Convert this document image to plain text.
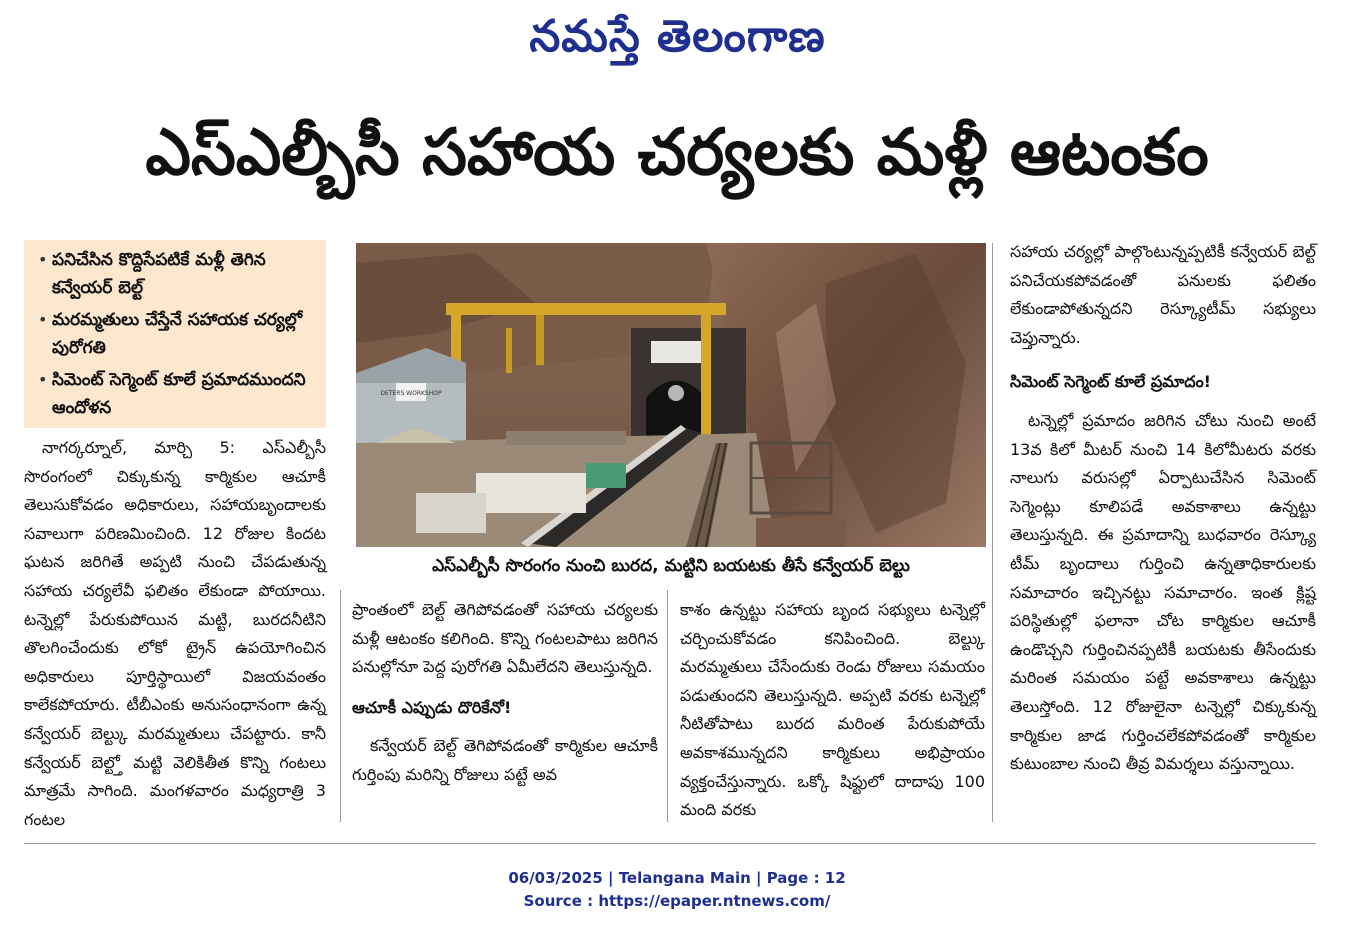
నమస్తే తెలంగాణ
ఎస్ఎల్బీసీ సహాయ చర్యలకు మళ్లీ ఆటంకం
• పనిచేసిన కొద్దిసేపటికే మళ్లీ తెగిన కన్వేయర్ బెల్ట్
• మరమ్మతులు చేస్తేనే సహాయక చర్యల్లో పురోగతి
• సిమెంట్ సెగ్మెంట్ కూలే ప్రమాదముందని ఆందోళన

నాగర్కర్నూల్, మార్చి 5: ఎస్ఎల్బీసీ సొరంగంలో చిక్కుకున్న కార్మికుల ఆచూకీ తెలుసుకోవడం అధికారులు, సహాయబృందాలకు సవాలుగా పరిణమించింది. 12 రోజుల కిందట ఘటన జరిగితే అప్పటి నుంచి చేపడుతున్న సహాయ చర్యలేవీ ఫలితం లేకుండా పోయాయి. టన్నెల్లో పేరుకుపోయిన మట్టి, బురదనీటిని తొలగించేందుకు లోకో ట్రైన్ ఉపయోగించిన అధికారులు పూర్తిస్థాయిలో విజయవంతం కాలేకపోయారు. టీబీఎంకు అనుసంధానంగా ఉన్న కన్వేయర్ బెల్ట్కు మరమ్మతులు చేపట్టారు. కానీ కన్వేయర్ బెల్ట్తో మట్టి వెలికితీత కొన్ని గంటలు మాత్రమే సాగింది. మంగళవారం మధ్యరాత్రి 3 గంటల

DETERS WORKSHOP
ఎస్ఎల్బీసీ సొరంగం నుంచి బురద, మట్టిని బయటకు తీసే కన్వేయర్ బెల్టు

ప్రాంతంలో బెల్ట్ తెగిపోవడంతో సహాయ చర్యలకు మళ్లీ ఆటంకం కలిగింది. కొన్ని గంటలపాటు జరిగిన పనుల్లోనూ పెద్ద పురోగతి ఏమీలేదని తెలుస్తున్నది.

ఆచూకీ ఎప్పుడు దొరికేనో!

కన్వేయర్ బెల్ట్ తెగిపోవడంతో కార్మికుల ఆచూకీ గుర్తింపు మరిన్ని రోజులు పట్టే అవ

కాశం ఉన్నట్టు సహాయ బృంద సభ్యులు టన్నెల్లో చర్చించుకోవడం కనిపించింది. బెల్ట్కు మరమ్మతులు చేసేందుకు రెండు రోజులు సమయం పడుతుందని తెలుస్తున్నది. అప్పటి వరకు టన్నెల్లో నీటితోపాటు బురద మరింత పేరుకుపోయే అవకాశమున్నదని కార్మికులు అభిప్రాయం వ్యక్తంచేస్తున్నారు. ఒక్కో షిఫ్టులో దాదాపు 100 మంది వరకు

సహాయ చర్యల్లో పాల్గొంటున్నప్పటికీ కన్వేయర్ బెల్ట్ పనిచేయకపోవడంతో పనులకు ఫలితం లేకుండాపోతున్నదని రెస్క్యూటీమ్ సభ్యులు చెప్తున్నారు.

సిమెంట్ సెగ్మెంట్ కూలే ప్రమాదం!

టన్నెల్లో ప్రమాదం జరిగిన చోటు నుంచి అంటే 13వ కిలో మీటర్ నుంచి 14 కిలోమీటరు వరకు నాలుగు వరుసల్లో ఏర్పాటుచేసిన సిమెంట్ సెగ్మెంట్లు కూలిపడే అవకాశాలు ఉన్నట్టు తెలుస్తున్నది. ఈ ప్రమాదాన్ని బుధవారం రెస్క్యూ టీమ్ బృందాలు గుర్తించి ఉన్నతాధికారులకు సమాచారం ఇచ్చినట్టు సమాచారం. ఇంత క్లిష్ట పరిస్థితుల్లో ఫలానా చోట కార్మికుల ఆచూకీ ఉండొచ్చని గుర్తించినప్పటికీ బయటకు తీసేందుకు మరింత సమయం పట్టే అవకాశాలు ఉన్నట్టు తెలుస్తోంది. 12 రోజులైనా టన్నెల్లో చిక్కుకున్న కార్మికుల జాడ గుర్తించలేకపోవడంతో కార్మికుల కుటుంబాల నుంచి తీవ్ర విమర్శలు వస్తున్నాయి.

06/03/2025 | Telangana Main | Page : 12
Source : https://epaper.ntnews.com/
